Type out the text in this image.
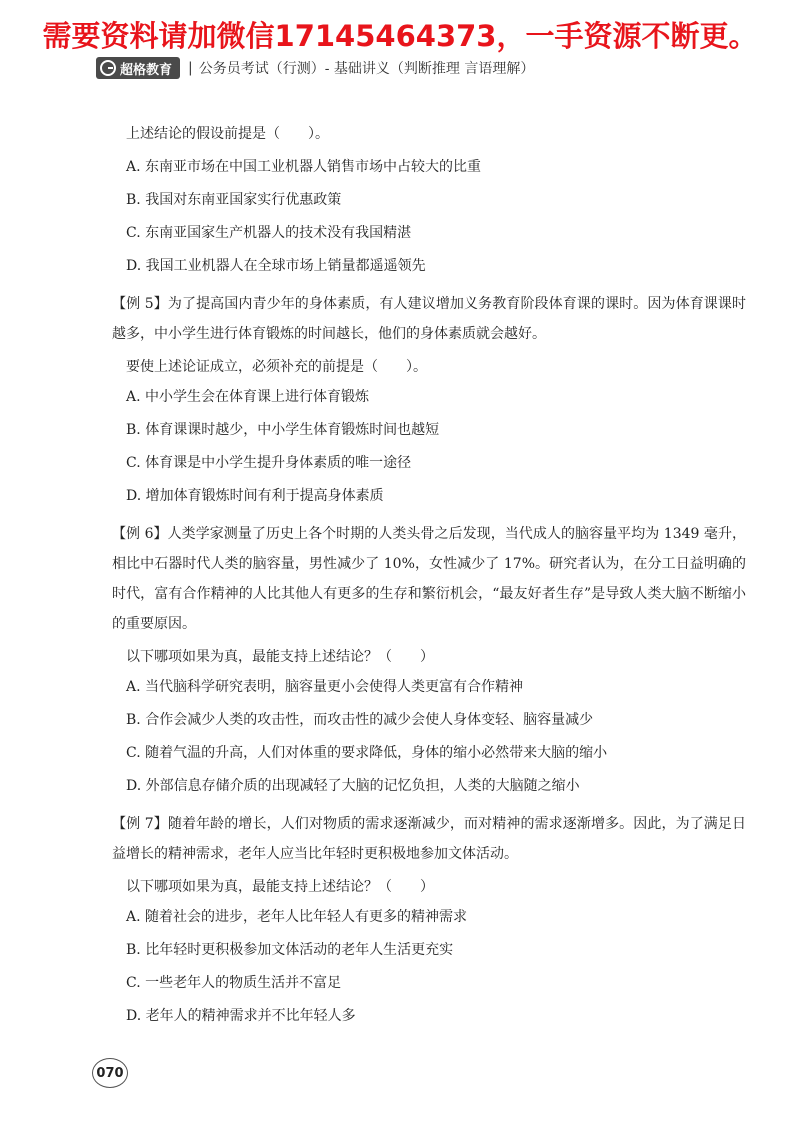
需要资料请加微信17145464373，一手资源不断更。
超格教育 | 公务员考试（行测）- 基础讲义（判断推理 言语理解）

上述结论的假设前提是（　　）。

A. 东南亚市场在中国工业机器人销售市场中占较大的比重

B. 我国对东南亚国家实行优惠政策

C. 东南亚国家生产机器人的技术没有我国精湛

D. 我国工业机器人在全球市场上销量都遥遥领先

【例 5】为了提高国内青少年的身体素质，有人建议增加义务教育阶段体育课的课时。因为体育课课时越多，中小学生进行体育锻炼的时间越长，他们的身体素质就会越好。

要使上述论证成立，必须补充的前提是（　　）。

A. 中小学生会在体育课上进行体育锻炼

B. 体育课课时越少，中小学生体育锻炼时间也越短

C. 体育课是中小学生提升身体素质的唯一途径

D. 增加体育锻炼时间有利于提高身体素质

【例 6】人类学家测量了历史上各个时期的人类头骨之后发现，当代成人的脑容量平均为 1349 毫升，相比中石器时代人类的脑容量，男性减少了 10%，女性减少了 17%。研究者认为，在分工日益明确的时代，富有合作精神的人比其他人有更多的生存和繁衍机会，“最友好者生存”是导致人类大脑不断缩小的重要原因。

以下哪项如果为真，最能支持上述结论？（　　）

A. 当代脑科学研究表明，脑容量更小会使得人类更富有合作精神

B. 合作会减少人类的攻击性，而攻击性的减少会使人身体变轻、脑容量减少

C. 随着气温的升高，人们对体重的要求降低，身体的缩小必然带来大脑的缩小

D. 外部信息存储介质的出现减轻了大脑的记忆负担，人类的大脑随之缩小

【例 7】随着年龄的增长，人们对物质的需求逐渐减少，而对精神的需求逐渐增多。因此，为了满足日益增长的精神需求，老年人应当比年轻时更积极地参加文体活动。

以下哪项如果为真，最能支持上述结论？（　　）

A. 随着社会的进步，老年人比年轻人有更多的精神需求

B. 比年轻时更积极参加文体活动的老年人生活更充实

C. 一些老年人的物质生活并不富足

D. 老年人的精神需求并不比年轻人多

070
